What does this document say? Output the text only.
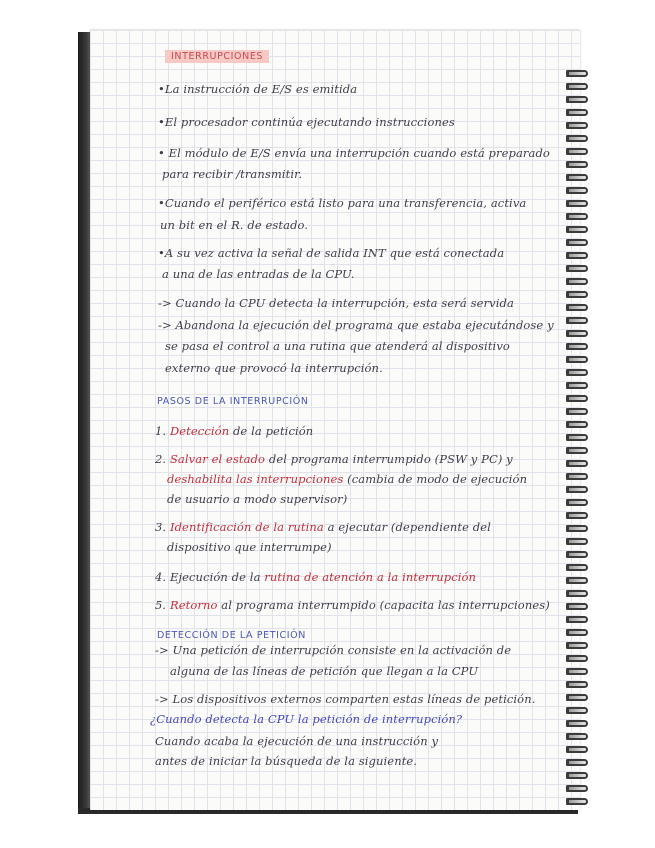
INTERRUPCIONES
•La instrucción de E/S es emitida
•El procesador continúa ejecutando instrucciones
• El módulo de E/S envía una interrupción cuando está preparado
para recibir /transmitir.
•Cuando el periférico está listo para una transferencia, activa
un bit en el R. de estado.
•A su vez activa la señal de salida INT que está conectada
a una de las entradas de la CPU.
-> Cuando la CPU detecta la interrupción, esta será servida
-> Abandona la ejecución del programa que estaba ejecutándose y
se pasa el control a una rutina que atenderá al dispositivo
externo que provocó la interrupción.
PASOS DE LA INTERRUPCIÓN
1. Detección de la petición
2. Salvar el estado del programa interrumpido (PSW y PC) y
deshabilita las interrupciones (cambia de modo de ejecución
de usuario a modo supervisor)
3. Identificación de la rutina a ejecutar (dependiente del
dispositivo que interrumpe)
4. Ejecución de la rutina de atención a la interrupción
5. Retorno al programa interrumpido (capacita las interrupciones)
DETECCIÓN DE LA PETICIÓN
-> Una petición de interrupción consiste en la activación de
alguna de las líneas de petición que llegan a la CPU
-> Los dispositivos externos comparten estas líneas de petición.
¿Cuando detecta la CPU la petición de interrupción?
Cuando acaba la ejecución de una instrucción y
antes de iniciar la búsqueda de la siguiente.
